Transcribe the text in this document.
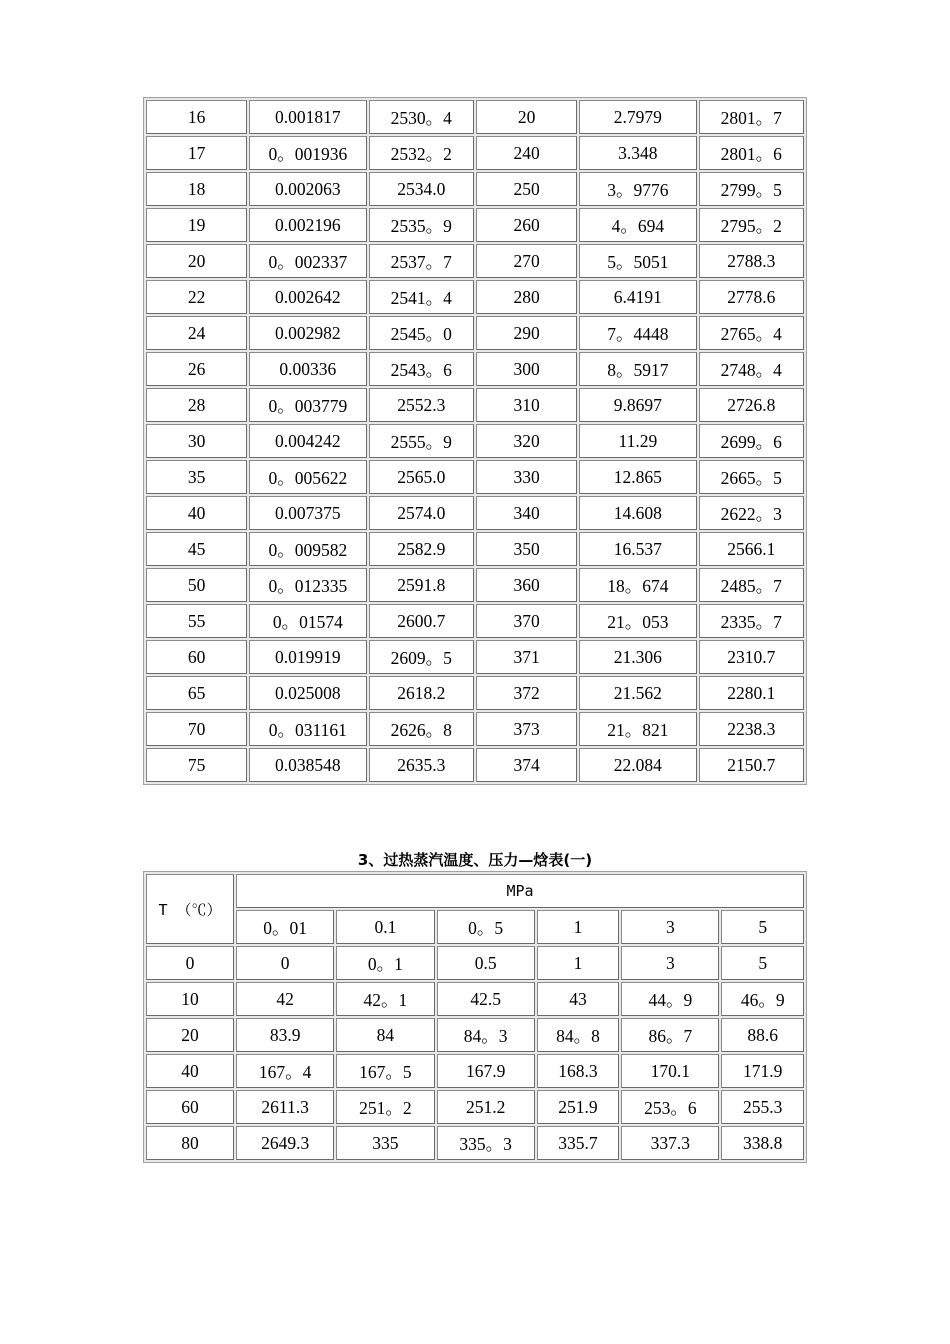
16	0.001817	2530。4	20	2.7979	2801。7
17	0。001936	2532。2	240	3.348	2801。6
18	0.002063	2534.0	250	3。9776	2799。5
19	0.002196	2535。9	260	4。694	2795。2
20	0。002337	2537。7	270	5。5051	2788.3
22	0.002642	2541。4	280	6.4191	2778.6
24	0.002982	2545。0	290	7。4448	2765。4
26	0.00336	2543。6	300	8。5917	2748。4
28	0。003779	2552.3	310	9.8697	2726.8
30	0.004242	2555。9	320	11.29	2699。6
35	0。005622	2565.0	330	12.865	2665。5
40	0.007375	2574.0	340	14.608	2622。3
45	0。009582	2582.9	350	16.537	2566.1
50	0。012335	2591.8	360	18。674	2485。7
55	0。01574	2600.7	370	21。053	2335。7
60	0.019919	2609。5	371	21.306	2310.7
65	0.025008	2618.2	372	21.562	2280.1
70	0。031161	2626。8	373	21。821	2238.3
75	0.038548	2635.3	374	22.084	2150.7
3、过热蒸汽温度、压力—焓表(一)
T （℃）	MPa					
	0。01	0.1	0。5	1	3	5
0	0	0。1	0.5	1	3	5
10	42	42。1	42.5	43	44。9	46。9
20	83.9	84	84。3	84。8	86。7	88.6
40	167。4	167。5	167.9	168.3	170.1	171.9
60	2611.3	251。2	251.2	251.9	253。6	255.3
80	2649.3	335	335。3	335.7	337.3	338.8
